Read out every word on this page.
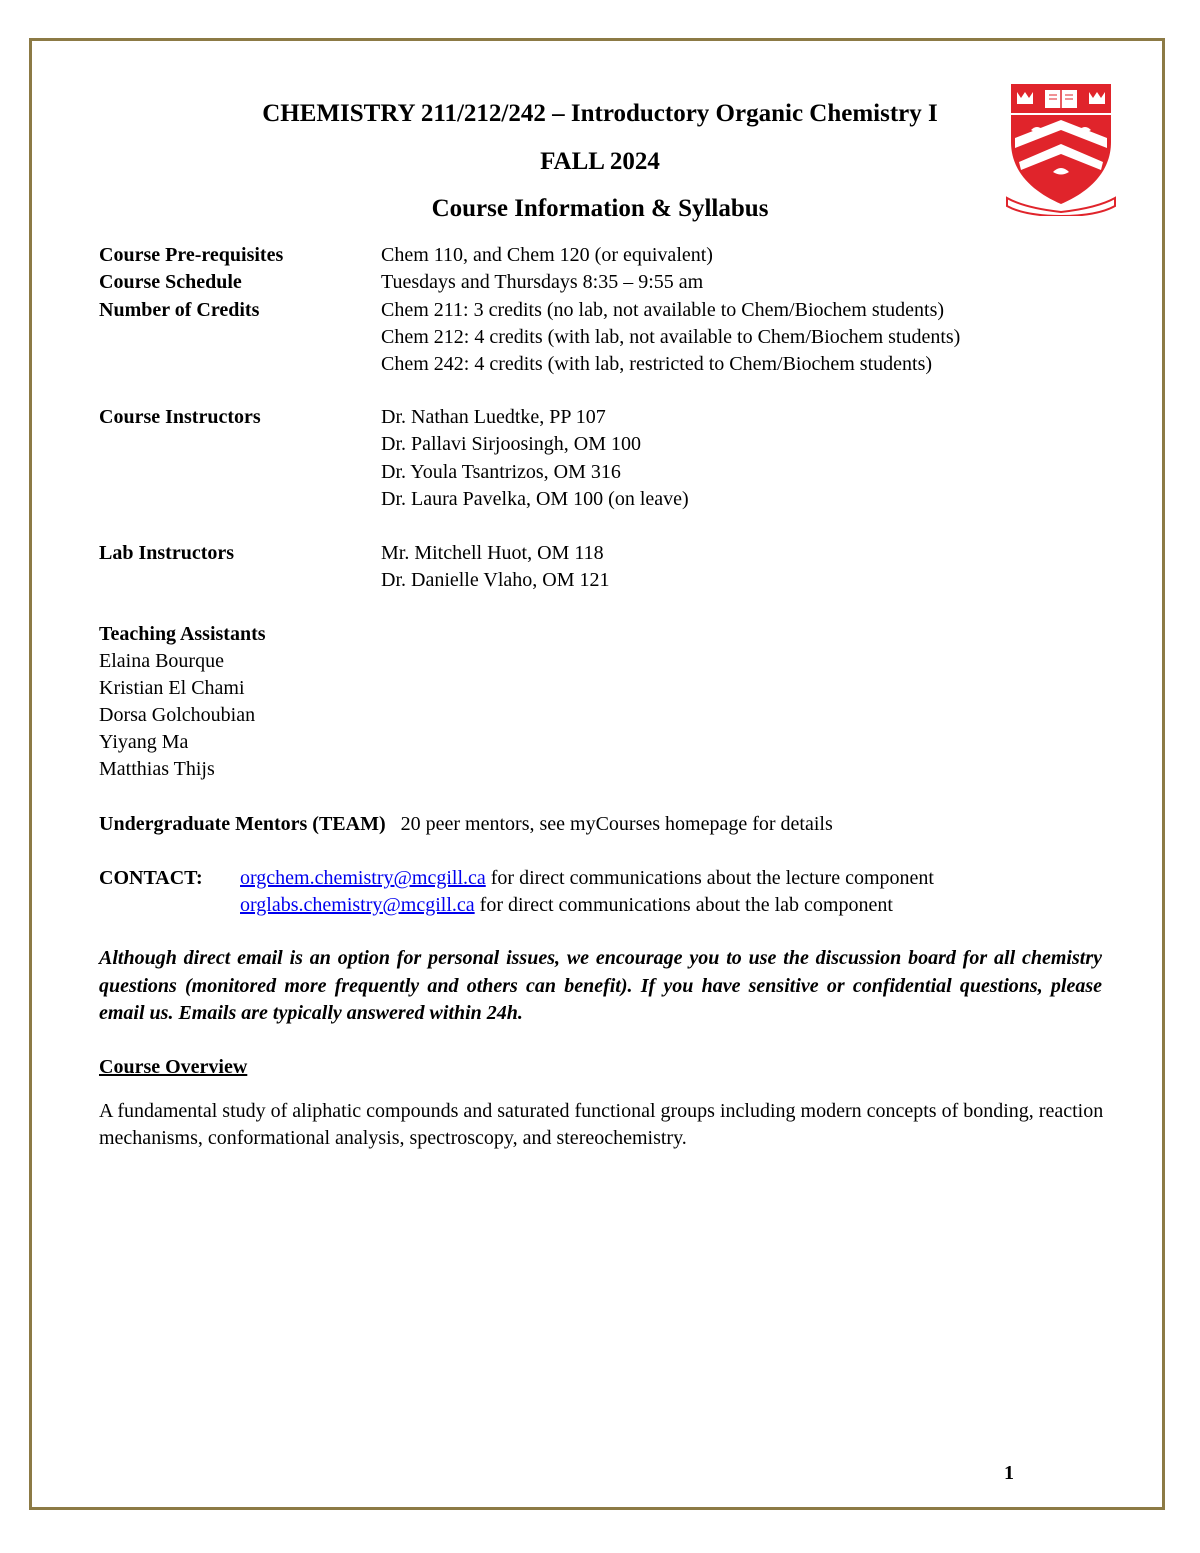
CHEMISTRY 211/212/242 – Introductory Organic Chemistry I
FALL 2024
Course Information & Syllabus
Course Pre-requisites	Chem 110, and Chem 120 (or equivalent)
Course Schedule	Tuesdays and Thursdays 8:35 – 9:55 am
Number of Credits	Chem 211: 3 credits (no lab, not available to Chem/Biochem students)
Chem 212: 4 credits (with lab, not available to Chem/Biochem students)
Chem 242: 4 credits (with lab, restricted to Chem/Biochem students)
Course Instructors	Dr. Nathan Luedtke, PP 107
Dr. Pallavi Sirjoosingh, OM 100
Dr. Youla Tsantrizos, OM 316
Dr. Laura Pavelka, OM 100 (on leave)
Lab Instructors	Mr. Mitchell Huot, OM 118
Dr. Danielle Vlaho, OM 121
Teaching Assistants
Elaina Bourque
Kristian El Chami
Dorsa Golchoubian
Yiyang Ma
Matthias Thijs
Undergraduate Mentors (TEAM) 20 peer mentors, see myCourses homepage for details
CONTACT: orgchem.chemistry@mcgill.ca for direct communications about the lecture component
orglabs.chemistry@mcgill.ca for direct communications about the lab component
Although direct email is an option for personal issues, we encourage you to use the discussion board for all chemistry questions (monitored more frequently and others can benefit). If you have sensitive or confidential questions, please email us. Emails are typically answered within 24h.
Course Overview
A fundamental study of aliphatic compounds and saturated functional groups including modern concepts of bonding, reaction mechanisms, conformational analysis, spectroscopy, and stereochemistry.
1
